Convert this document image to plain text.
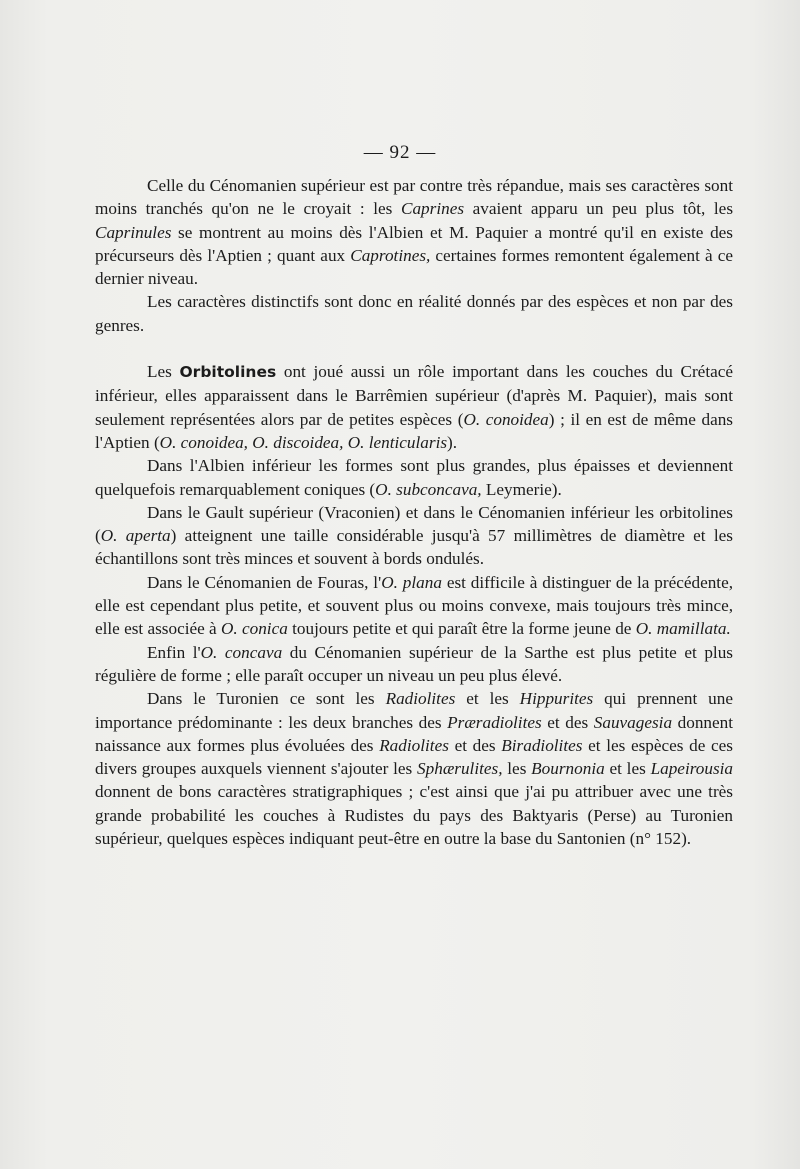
— 92 —

Celle du Cénomanien supérieur est par contre très répandue, mais ses caractères sont moins tranchés qu'on ne le croyait : les Caprines avaient apparu un peu plus tôt, les Caprinules se montrent au moins dès l'Albien et M. Paquier a montré qu'il en existe des précurseurs dès l'Aptien ; quant aux Caprotines, certaines formes remontent également à ce dernier niveau.

Les caractères distinctifs sont donc en réalité donnés par des espèces et non par des genres.

Les Orbitolines ont joué aussi un rôle important dans les couches du Crétacé inférieur, elles apparaissent dans le Barrêmien supérieur (d'après M. Paquier), mais sont seulement représentées alors par de petites espèces (O. conoidea) ; il en est de même dans l'Aptien (O. conoidea, O. discoidea, O. lenticularis).

Dans l'Albien inférieur les formes sont plus grandes, plus épaisses et deviennent quelquefois remarquablement coniques (O. subconcava, Leymerie).

Dans le Gault supérieur (Vraconien) et dans le Cénomanien inférieur les orbitolines (O. aperta) atteignent une taille considérable jusqu'à 57 millimètres de diamètre et les échantillons sont très minces et souvent à bords ondulés.

Dans le Cénomanien de Fouras, l'O. plana est difficile à distinguer de la précédente, elle est cependant plus petite, et souvent plus ou moins convexe, mais toujours très mince, elle est associée à O. conica toujours petite et qui paraît être la forme jeune de O. mamillata.

Enfin l'O. concava du Cénomanien supérieur de la Sarthe est plus petite et plus régulière de forme ; elle paraît occuper un niveau un peu plus élevé.

Dans le Turonien ce sont les Radiolites et les Hippurites qui prennent une importance prédominante : les deux branches des Præradiolites et des Sauvagesia donnent naissance aux formes plus évoluées des Radiolites et des Biradiolites et les espèces de ces divers groupes auxquels viennent s'ajouter les Sphærulites, les Bournonia et les Lapeirousia donnent de bons caractères stratigraphiques ; c'est ainsi que j'ai pu attribuer avec une très grande probabilité les couches à Rudistes du pays des Baktyaris (Perse) au Turonien supérieur, quelques espèces indiquant peut-être en outre la base du Santonien (n° 152).
